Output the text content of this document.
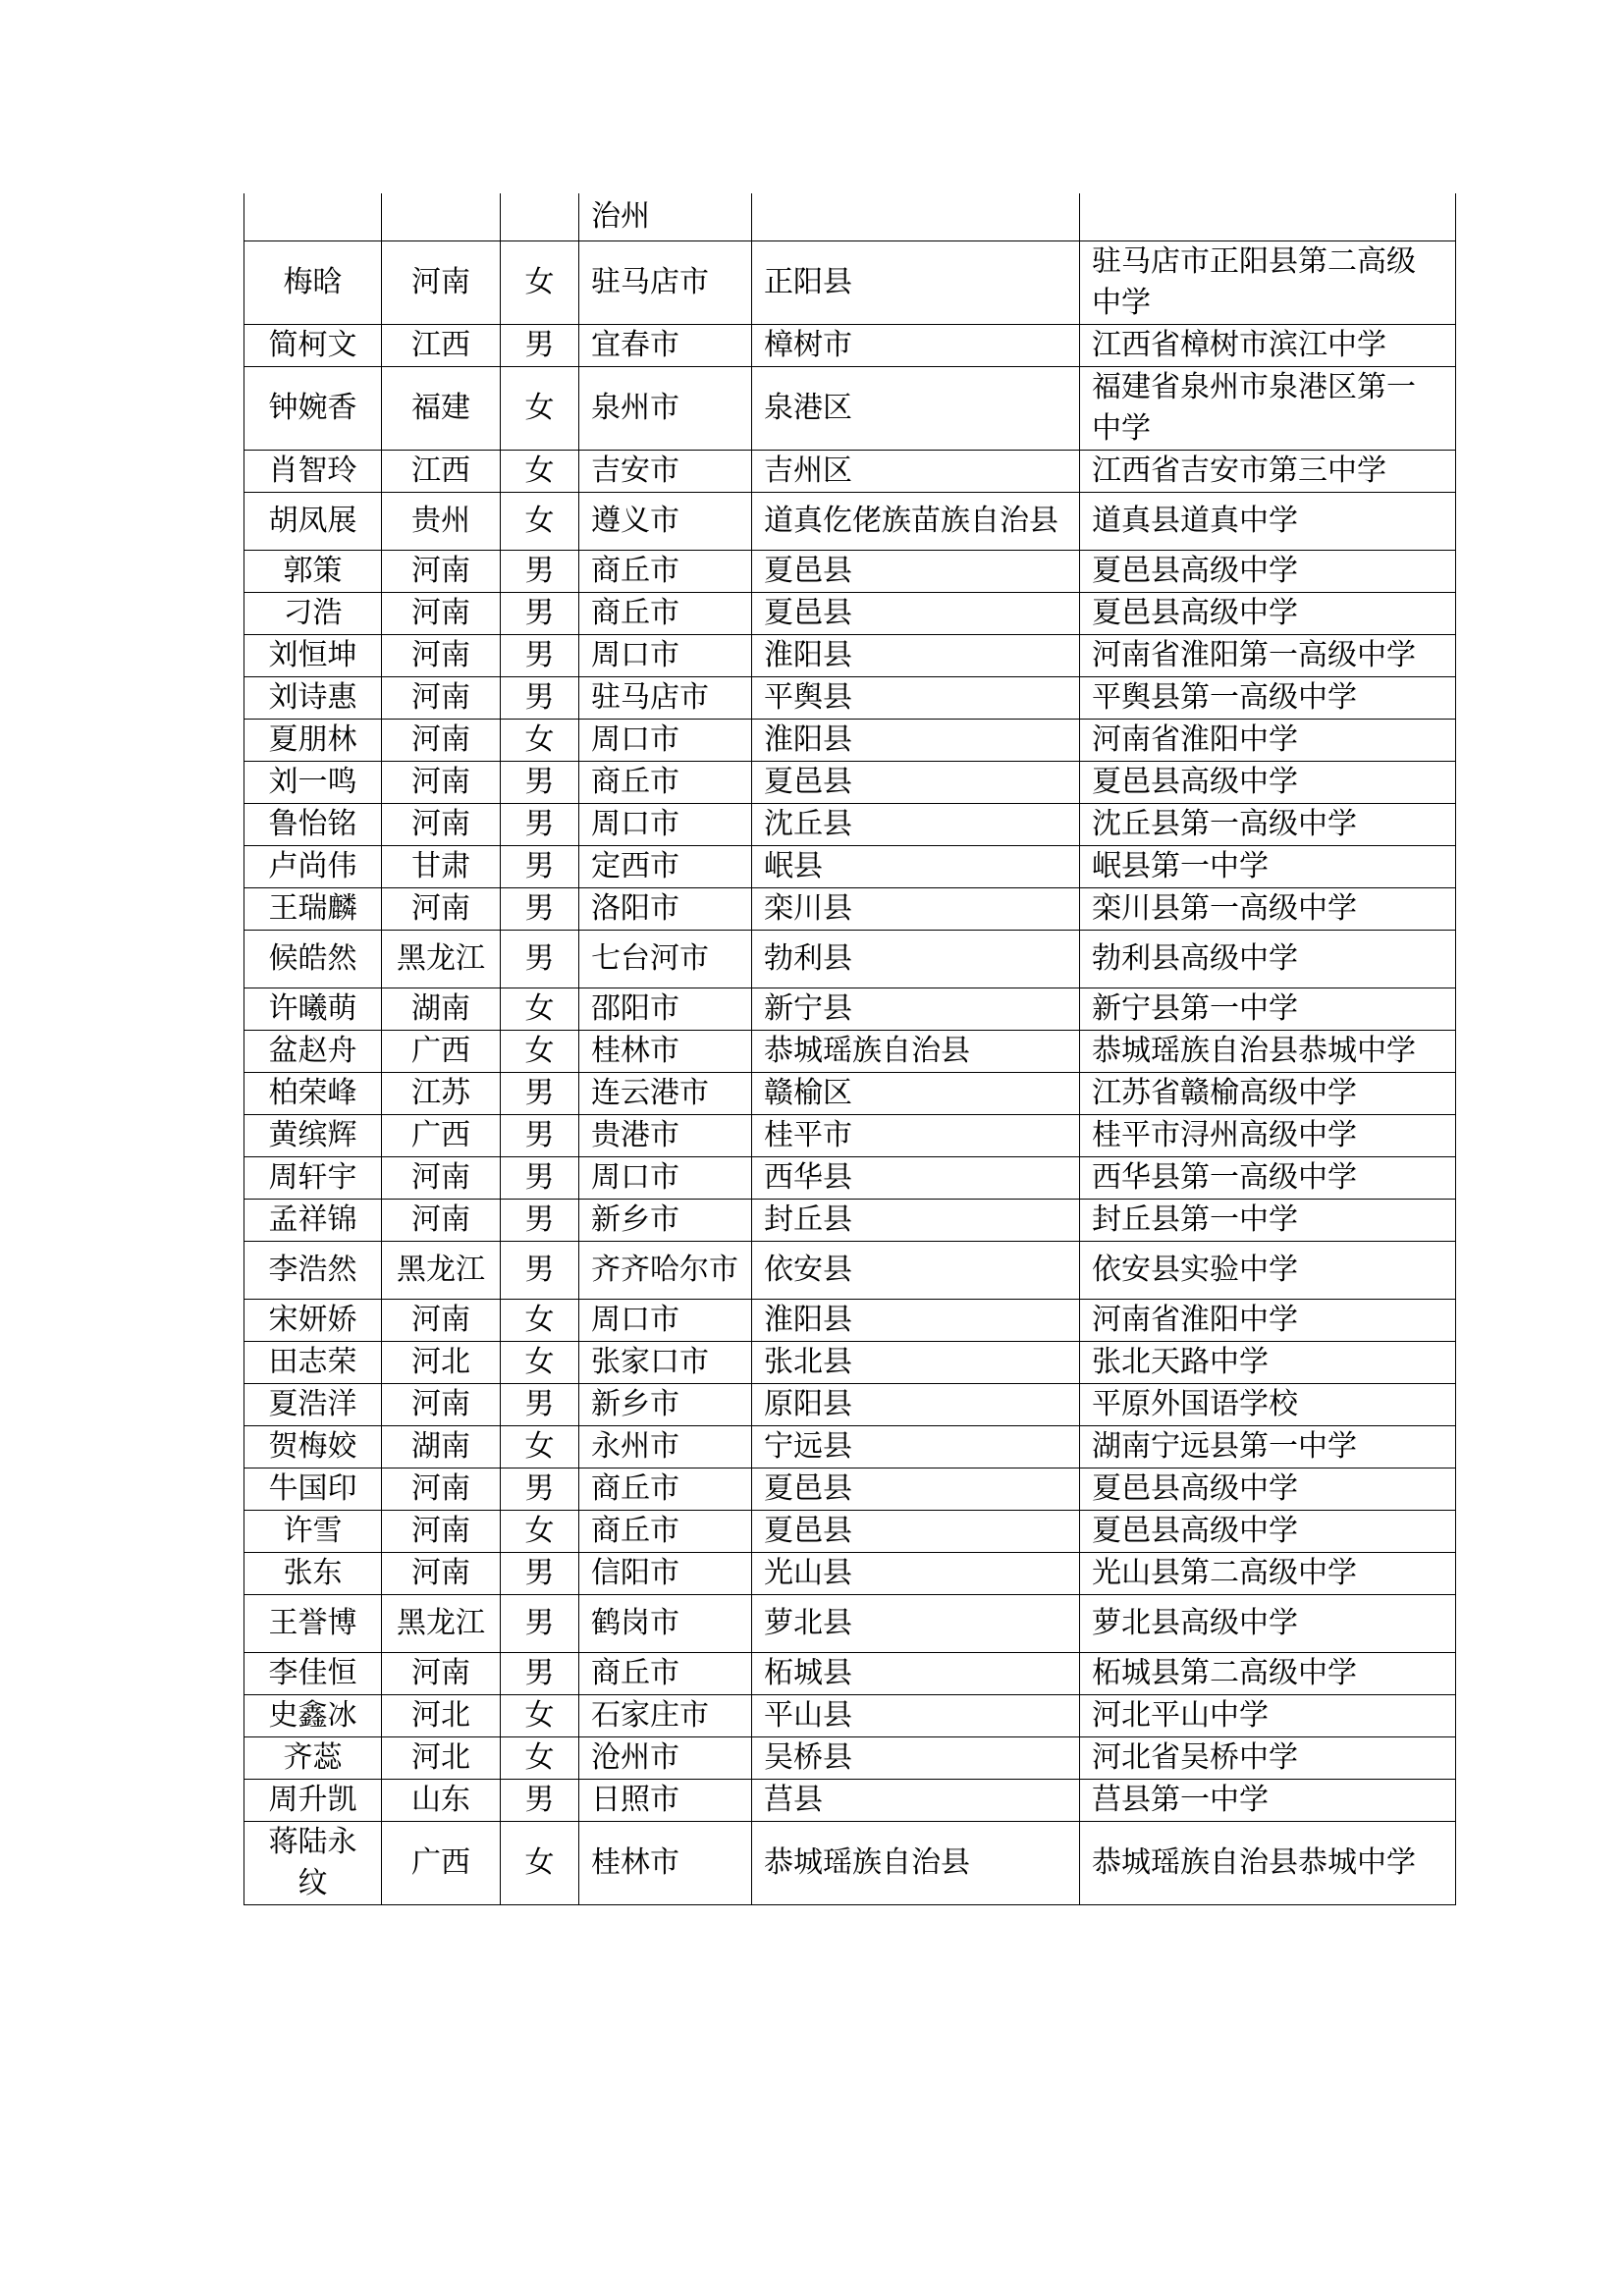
			治州		
梅晗	河南	女	驻马店市	正阳县	驻马店市正阳县第二高级中学
简柯文	江西	男	宜春市	樟树市	江西省樟树市滨江中学
钟婉香	福建	女	泉州市	泉港区	福建省泉州市泉港区第一中学
肖智玲	江西	女	吉安市	吉州区	江西省吉安市第三中学
胡凤展	贵州	女	遵义市	道真仡佬族苗族自治县	道真县道真中学
郭策	河南	男	商丘市	夏邑县	夏邑县高级中学
刁浩	河南	男	商丘市	夏邑县	夏邑县高级中学
刘恒坤	河南	男	周口市	淮阳县	河南省淮阳第一高级中学
刘诗惠	河南	男	驻马店市	平舆县	平舆县第一高级中学
夏朋林	河南	女	周口市	淮阳县	河南省淮阳中学
刘一鸣	河南	男	商丘市	夏邑县	夏邑县高级中学
鲁怡铭	河南	男	周口市	沈丘县	沈丘县第一高级中学
卢尚伟	甘肃	男	定西市	岷县	岷县第一中学
王瑞麟	河南	男	洛阳市	栾川县	栾川县第一高级中学
候皓然	黑龙江	男	七台河市	勃利县	勃利县高级中学
许曦萌	湖南	女	邵阳市	新宁县	新宁县第一中学
盆赵舟	广西	女	桂林市	恭城瑶族自治县	恭城瑶族自治县恭城中学
柏荣峰	江苏	男	连云港市	赣榆区	江苏省赣榆高级中学
黄缤辉	广西	男	贵港市	桂平市	桂平市浔州高级中学
周轩宇	河南	男	周口市	西华县	西华县第一高级中学
孟祥锦	河南	男	新乡市	封丘县	封丘县第一中学
李浩然	黑龙江	男	齐齐哈尔市	依安县	依安县实验中学
宋妍娇	河南	女	周口市	淮阳县	河南省淮阳中学
田志荣	河北	女	张家口市	张北县	张北天路中学
夏浩洋	河南	男	新乡市	原阳县	平原外国语学校
贺梅姣	湖南	女	永州市	宁远县	湖南宁远县第一中学
牛国印	河南	男	商丘市	夏邑县	夏邑县高级中学
许雪	河南	女	商丘市	夏邑县	夏邑县高级中学
张东	河南	男	信阳市	光山县	光山县第二高级中学
王誉博	黑龙江	男	鹤岗市	萝北县	萝北县高级中学
李佳恒	河南	男	商丘市	柘城县	柘城县第二高级中学
史鑫冰	河北	女	石家庄市	平山县	河北平山中学
齐蕊	河北	女	沧州市	吴桥县	河北省吴桥中学
周升凯	山东	男	日照市	莒县	莒县第一中学
蒋陆永纹	广西	女	桂林市	恭城瑶族自治县	恭城瑶族自治县恭城中学
